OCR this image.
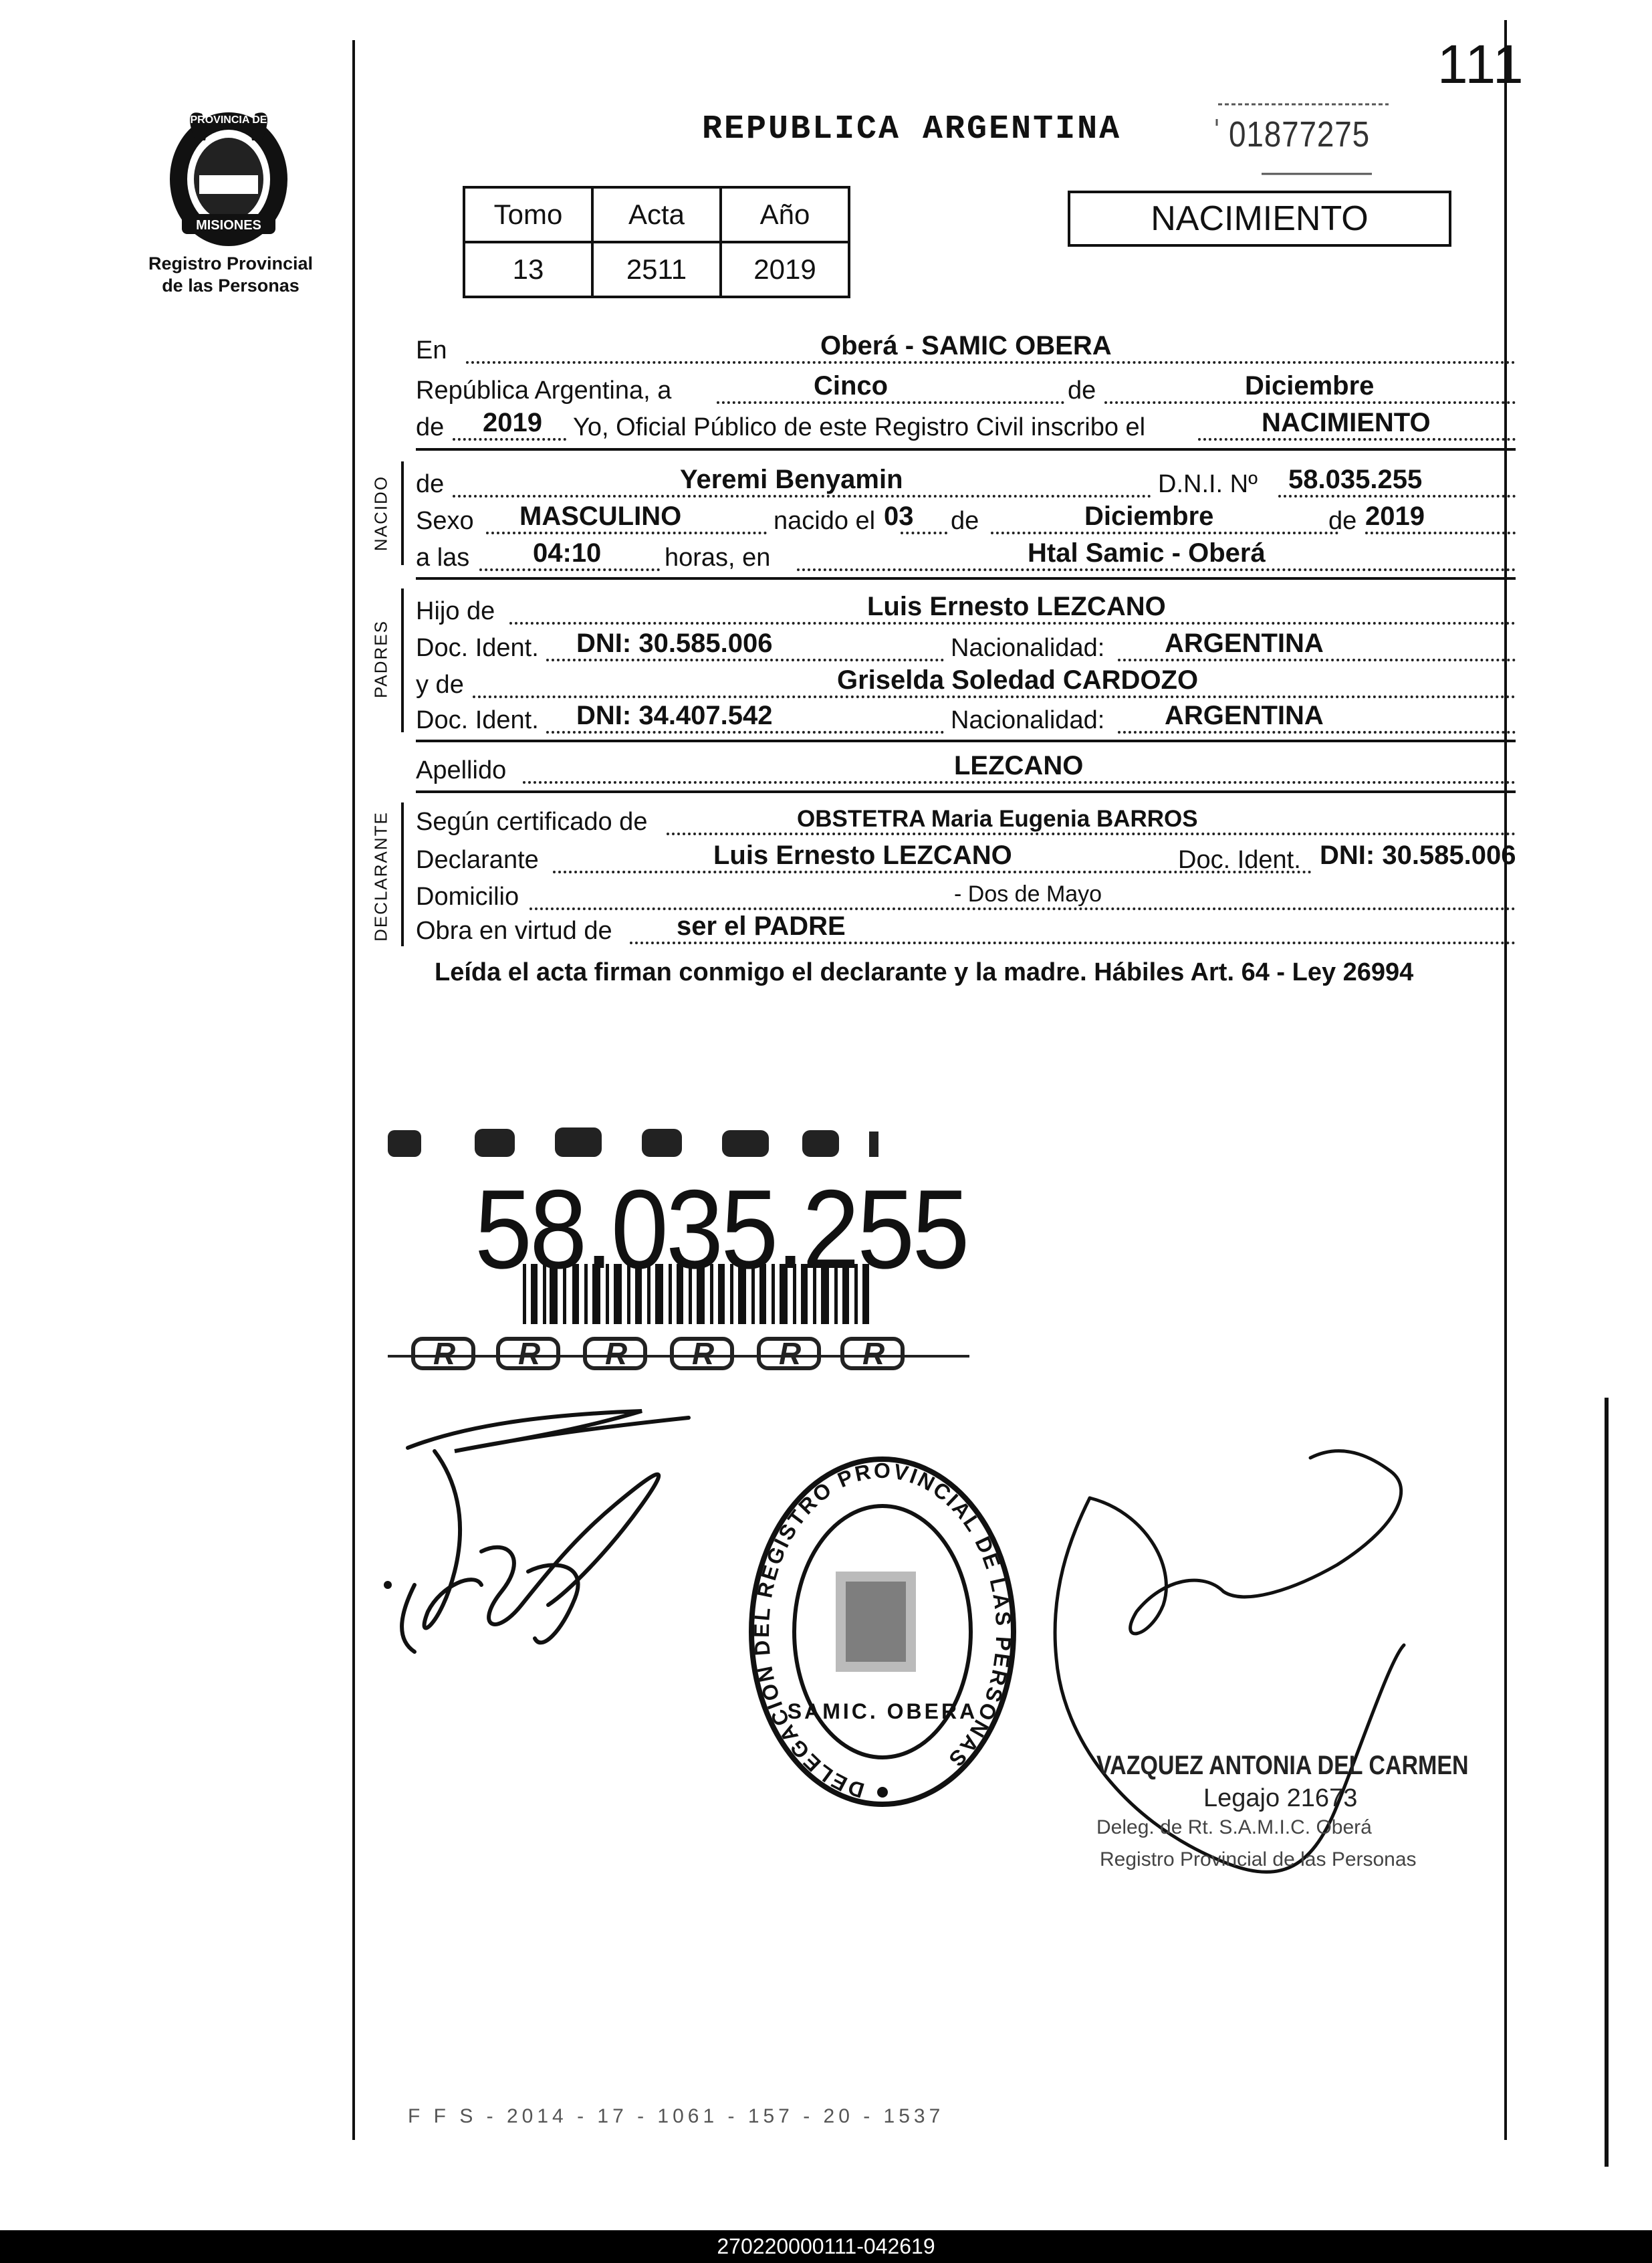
111
PROVINCIA DE
MISIONES
Registro Provincial
de las Personas
REPUBLICA ARGENTINA	01877275
Tomo	Acta	Año
13	2511	2019
NACIMIENTO
En	Oberá - SAMIC OBERA
República Argentina, a	Cinco	de	Diciembre
de 2019 Yo, Oficial Público de este Registro Civil inscribo el	NACIMIENTO
NACIDO de	Yeremi Benyamin	D.N.I. Nº 58.035.255
Sexo MASCULINO	nacido el 03 de	Diciembre	de 2019
a las 04:10 horas, en	Htal Samic - Oberá
PADRES
Hijo de	Luis Ernesto LEZCANO
Doc. Ident. DNI: 30.585.006	Nacionalidad: ARGENTINA
y de	Griselda Soledad CARDOZO
Doc. Ident. DNI: 34.407.542	Nacionalidad: ARGENTINA
Apellido	LEZCANO
DECLARANTE Según certificado de	OBSTETRA Maria Eugenia BARROS
Declarante	Luis Ernesto LEZCANO	Doc. Ident. DNI: 30.585.006
Domicilio	- Dos de Mayo
Obra en virtud de ser el PADRE
Leída el acta firman conmigo el declarante y la madre. Hábiles Art. 64 - Ley 26994
R R R R R R
58.035.255
DELEGACIÓN DEL REGISTRO PROVINCIAL DE LAS PERSONAS
SAMIC. OBERA
VAZQUEZ ANTONIA DEL CARMEN
Legajo 21673
Deleg. de Rt. S.A.M.I.C. Oberá
Registro Provincial de las Personas
F F S - 2014 - 17 - 1061 - 157 - 20 - 1537
270220000111-042619
